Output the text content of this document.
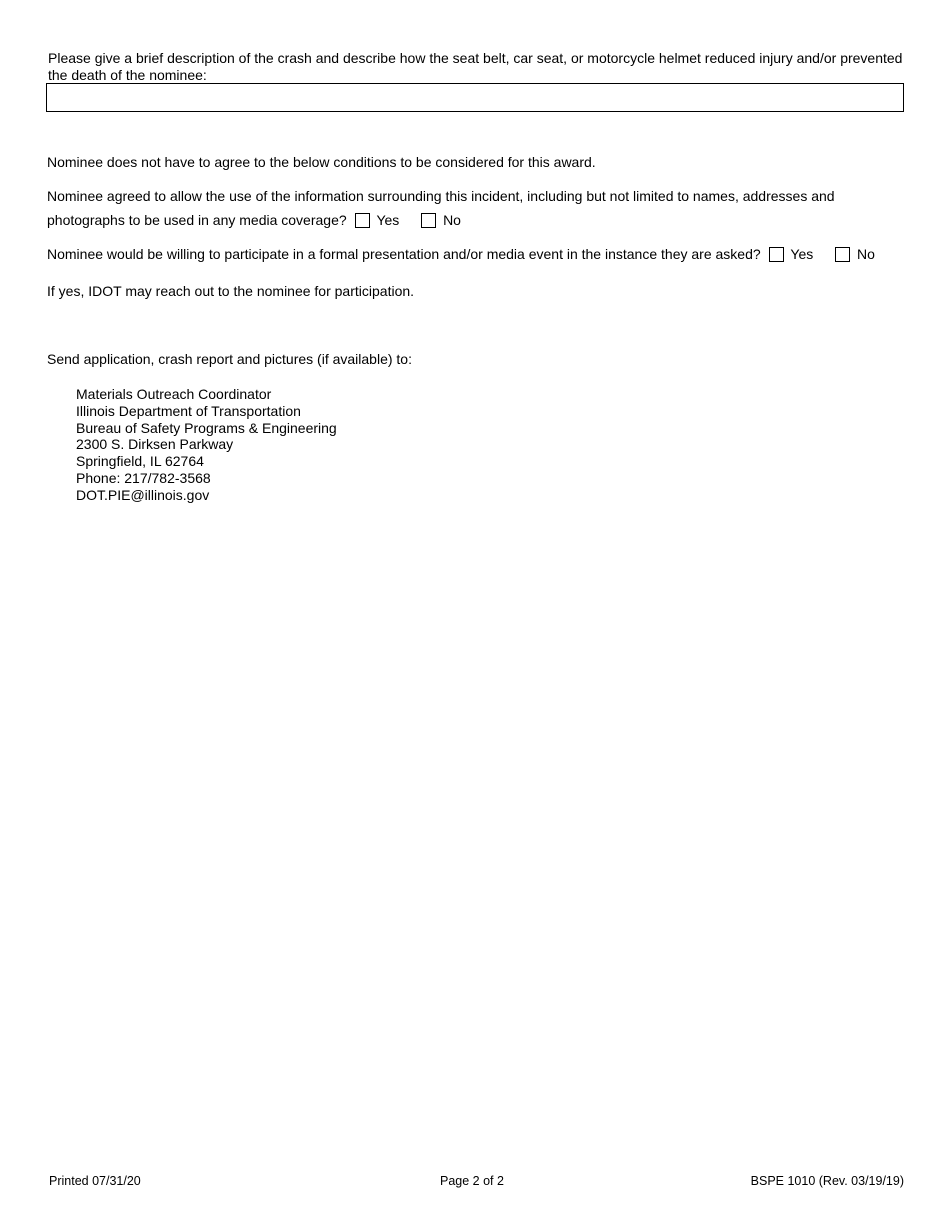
Please give a brief description of the crash and describe how the seat belt, car seat, or motorcycle helmet reduced injury and/or prevented the death of the nominee:
Nominee does not have to agree to the below conditions to be considered for this award.
Nominee agreed to allow the use of the information surrounding this incident, including but not limited to names, addresses and
photographs to be used in any media coverage? Yes	No
Nominee would be willing to participate in a formal presentation and/or media event in the instance they are asked? Yes	No
If yes, IDOT may reach out to the nominee for participation.
Send application, crash report and pictures (if available) to:
Materials Outreach Coordinator
Illinois Department of Transportation
Bureau of Safety Programs & Engineering
2300 S. Dirksen Parkway
Springfield, IL 62764
Phone: 217/782-3568
DOT.PIE@illinois.gov
Printed 07/31/20	Page 2 of 2	BSPE 1010 (Rev. 03/19/19)
